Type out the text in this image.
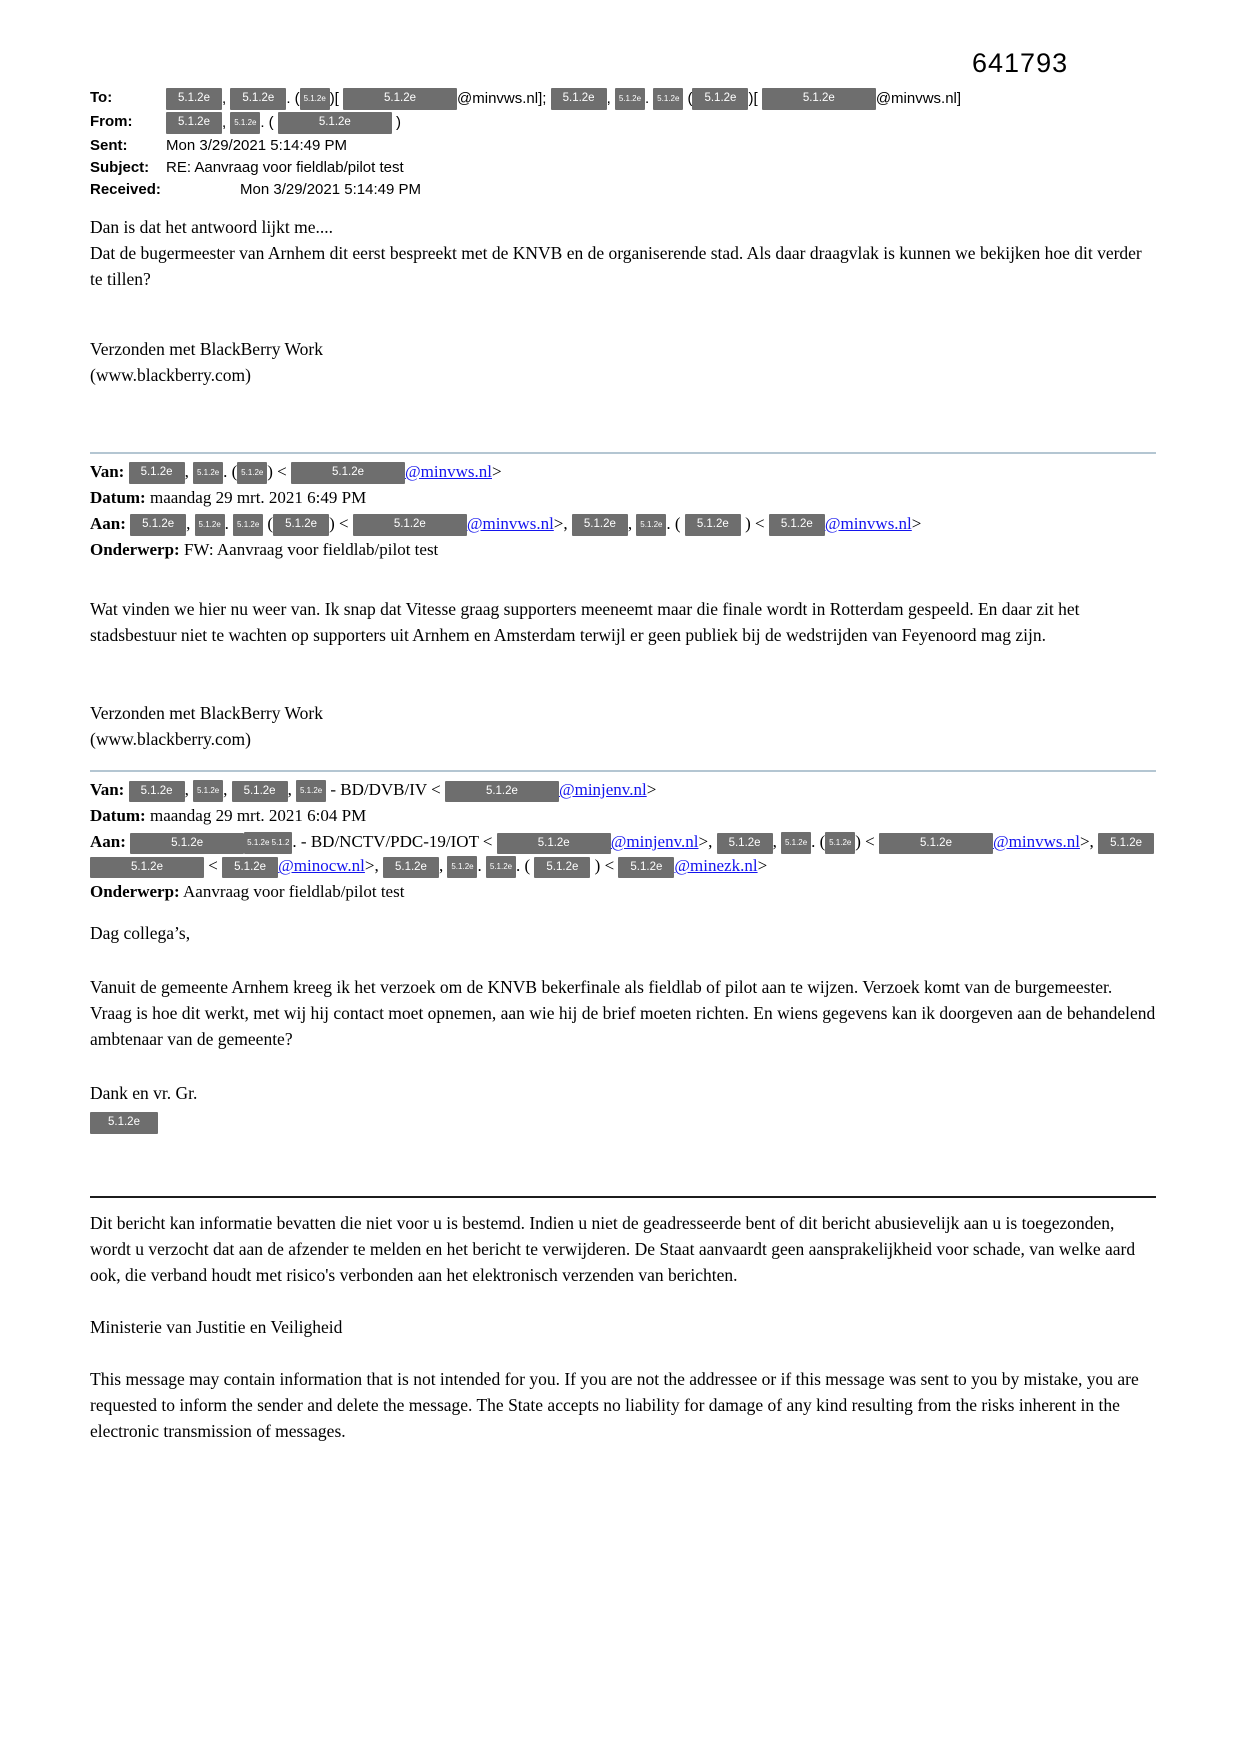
641793
To:	5.1.2e , 5.1.2e . ( 5.1.2e )[	5.1.2e	@minvws.nl]; 5.1.2e , 5.1.2e . 5.1.2e ( 5.1.2e )[	5.1.2e	@minvws.nl]
From:	5.1.2e , 5.1.2e . (	5.1.2e	)
Sent:	Mon 3/29/2021 5:14:49 PM
Subject:	RE: Aanvraag voor fieldlab/pilot test
Received:	Mon 3/29/2021 5:14:49 PM
Dan is dat het antwoord lijkt me....
Dat de bugermeester van Arnhem dit eerst bespreekt met de KNVB en de organiserende stad. Als daar draagvlak is kunnen we bekijken hoe dit verder te tillen?
Verzonden met BlackBerry Work
(www.blackberry.com)
Van: 5.1.2e , 5.1.2e . ( 5.1.2e ) <	5.1.2e @minvws.nl>
Datum: maandag 29 mrt. 2021 6:49 PM
Aan: 5.1.2e , 5.1.2e . 5.1.2e ( 5.1.2e ) <	5.1.2e @minvws.nl>, 5.1.2e , 5.1.2e . ( 5.1.2e ) < 5.1.2e @minvws.nl>
Onderwerp: FW: Aanvraag voor fieldlab/pilot test
Wat vinden we hier nu weer van. Ik snap dat Vitesse graag supporters meeneemt maar die finale wordt in Rotterdam gespeeld. En daar zit het stadsbestuur niet te wachten op supporters uit Arnhem en Amsterdam terwijl er geen publiek bij de wedstrijden van Feyenoord mag zijn.
Verzonden met BlackBerry Work
(www.blackberry.com)
Van: 5.1.2e , 5.1.2e , 5.1.2e , 5.1.2e - BD/DVB/IV <	5.1.2e @minjenv.nl>
Datum: maandag 29 mrt. 2021 6:04 PM
Aan:	5.1.2e	5.1.2e 5.1.2 . - BD/NCTV/PDC-19/IOT <	5.1.2e @minjenv.nl>, 5.1.2e , 5.1.2e . ( 5.1.2e ) <	5.1.2e @minvws.nl>, 5.1.2e 5.1.2e < 5.1.2e @minocw.nl>, 5.1.2e , 5.1.2e . 5.1.2e . ( 5.1.2e ) < 5.1.2e @minezk.nl>
Onderwerp: Aanvraag voor fieldlab/pilot test
Dag collega’s,
Vanuit de gemeente Arnhem kreeg ik het verzoek om de KNVB bekerfinale als fieldlab of pilot aan te wijzen. Verzoek komt van de burgemeester. Vraag is hoe dit werkt, met wij hij contact moet opnemen, aan wie hij de brief moeten richten. En wiens gegevens kan ik doorgeven aan de behandelend ambtenaar van de gemeente?
Dank en vr. Gr.
5.1.2e
Dit bericht kan informatie bevatten die niet voor u is bestemd. Indien u niet de geadresseerde bent of dit bericht abusievelijk aan u is toegezonden, wordt u verzocht dat aan de afzender te melden en het bericht te verwijderen. De Staat aanvaardt geen aansprakelijkheid voor schade, van welke aard ook, die verband houdt met risico's verbonden aan het elektronisch verzenden van berichten.
Ministerie van Justitie en Veiligheid
This message may contain information that is not intended for you. If you are not the addressee or if this message was sent to you by mistake, you are requested to inform the sender and delete the message. The State accepts no liability for damage of any kind resulting from the risks inherent in the electronic transmission of messages.
